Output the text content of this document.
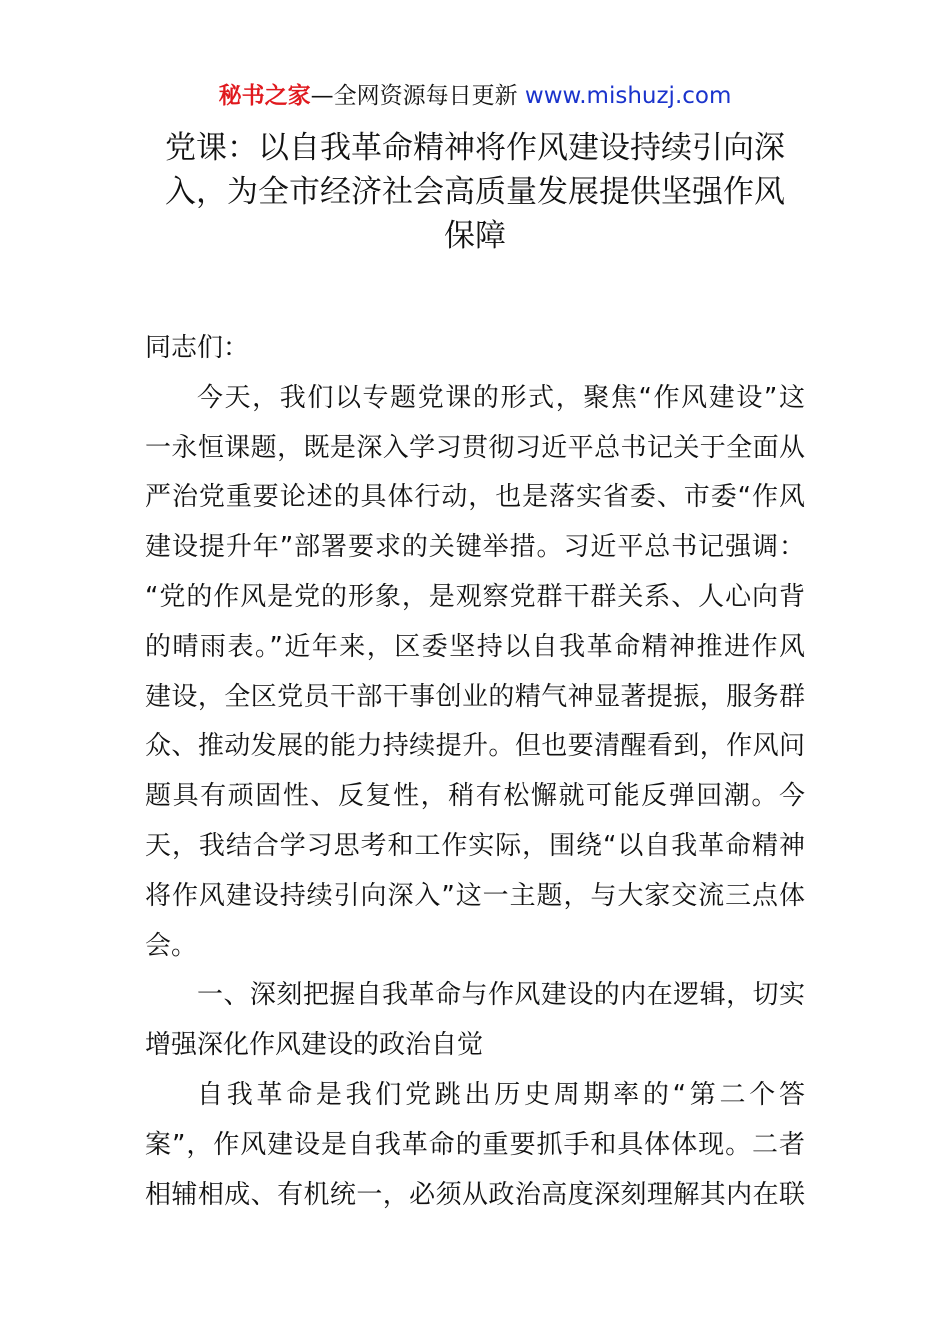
秘书之家—全网资源每日更新 www.mishuzj.com
党课：以自我革命精神将作风建设持续引向深
入，为全市经济社会高质量发展提供坚强作风
保障
同志们：
今天，我们以专题党课的形式，聚焦“作风建设”这
一永恒课题，既是深入学习贯彻习近平总书记关于全面从
严治党重要论述的具体行动，也是落实省委、市委“作风
建设提升年”部署要求的关键举措。习近平总书记强调：
“党的作风是党的形象，是观察党群干群关系、人心向背
的晴雨表。”近年来，区委坚持以自我革命精神推进作风
建设，全区党员干部干事创业的精气神显著提振，服务群
众、推动发展的能力持续提升。但也要清醒看到，作风问
题具有顽固性、反复性，稍有松懈就可能反弹回潮。今
天，我结合学习思考和工作实际，围绕“以自我革命精神
将作风建设持续引向深入”这一主题，与大家交流三点体
会。
一、深刻把握自我革命与作风建设的内在逻辑，切实
增强深化作风建设的政治自觉
自我革命是我们党跳出历史周期率的“第二个答
案”，作风建设是自我革命的重要抓手和具体体现。二者
相辅相成、有机统一，必须从政治高度深刻理解其内在联
